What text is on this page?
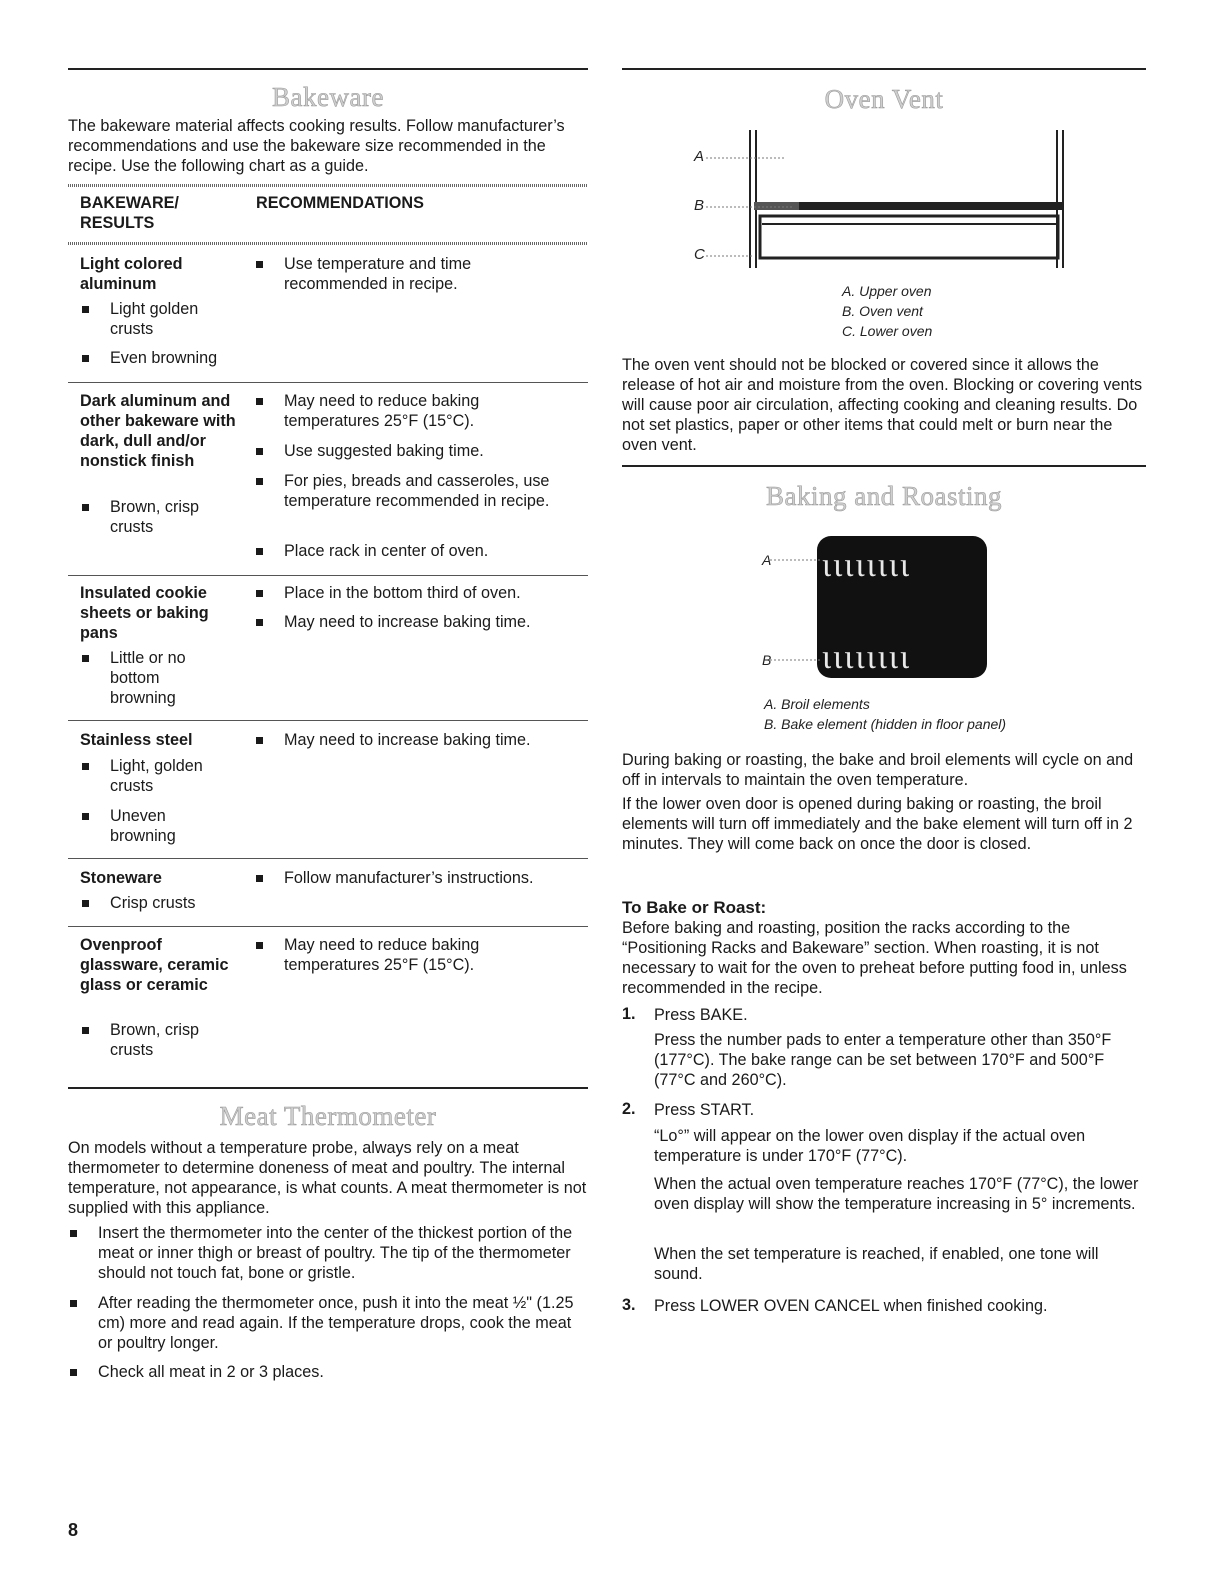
Bakeware
The bakeware material affects cooking results. Follow manufacturer’s recommendations and use the bakeware size recommended in the recipe. Use the following chart as a guide.
BAKEWARE/ RESULTS
RECOMMENDATIONS
Light colored aluminum
Light golden crusts
Even browning
Use temperature and time recommended in recipe.
Dark aluminum and other bakeware with dark, dull and/or nonstick finish
Brown, crisp crusts
May need to reduce baking temperatures 25°F (15°C).
Use suggested baking time.
For pies, breads and casseroles, use temperature recommended in recipe.
Place rack in center of oven.
Insulated cookie sheets or baking pans
Little or no bottom browning
Place in the bottom third of oven.
May need to increase baking time.
Stainless steel
Light, golden crusts
Uneven browning
May need to increase baking time.
Stoneware
Crisp crusts
Follow manufacturer’s instructions.
Ovenproof glassware, ceramic glass or ceramic
Brown, crisp crusts
May need to reduce baking temperatures 25°F (15°C).
Meat Thermometer
On models without a temperature probe, always rely on a meat thermometer to determine doneness of meat and poultry. The internal temperature, not appearance, is what counts. A meat thermometer is not supplied with this appliance.
Insert the thermometer into the center of the thickest portion of the meat or inner thigh or breast of poultry. The tip of the thermometer should not touch fat, bone or gristle.
After reading the thermometer once, push it into the meat ½" (1.25 cm) more and read again. If the temperature drops, cook the meat or poultry longer.
Check all meat in 2 or 3 places.
Oven Vent
A
B
C
A. Upper oven
B. Oven vent
C. Lower oven
The oven vent should not be blocked or covered since it allows the release of hot air and moisture from the oven. Blocking or covering vents will cause poor air circulation, affecting cooking and cleaning results. Do not set plastics, paper or other items that could melt or burn near the oven vent.
Baking and Roasting
ɩɩɩɩɩɩɩɩ
ɩɩɩɩɩɩɩɩ
A
B
A. Broil elements
B. Bake element (hidden in floor panel)
During baking or roasting, the bake and broil elements will cycle on and off in intervals to maintain the oven temperature.
If the lower oven door is opened during baking or roasting, the broil elements will turn off immediately and the bake element will turn off in 2 minutes. They will come back on once the door is closed.
To Bake or Roast:
Before baking and roasting, position the racks according to the “Positioning Racks and Bakeware” section. When roasting, it is not necessary to wait for the oven to preheat before putting food in, unless recommended in the recipe.
1. Press BAKE.
Press the number pads to enter a temperature other than 350°F (177°C). The bake range can be set between 170°F and 500°F (77°C and 260°C).
2. Press START.
“Lo°” will appear on the lower oven display if the actual oven temperature is under 170°F (77°C).
When the actual oven temperature reaches 170°F (77°C), the lower oven display will show the temperature increasing in 5° increments.
When the set temperature is reached, if enabled, one tone will sound.
3. Press LOWER OVEN CANCEL when finished cooking.
8
